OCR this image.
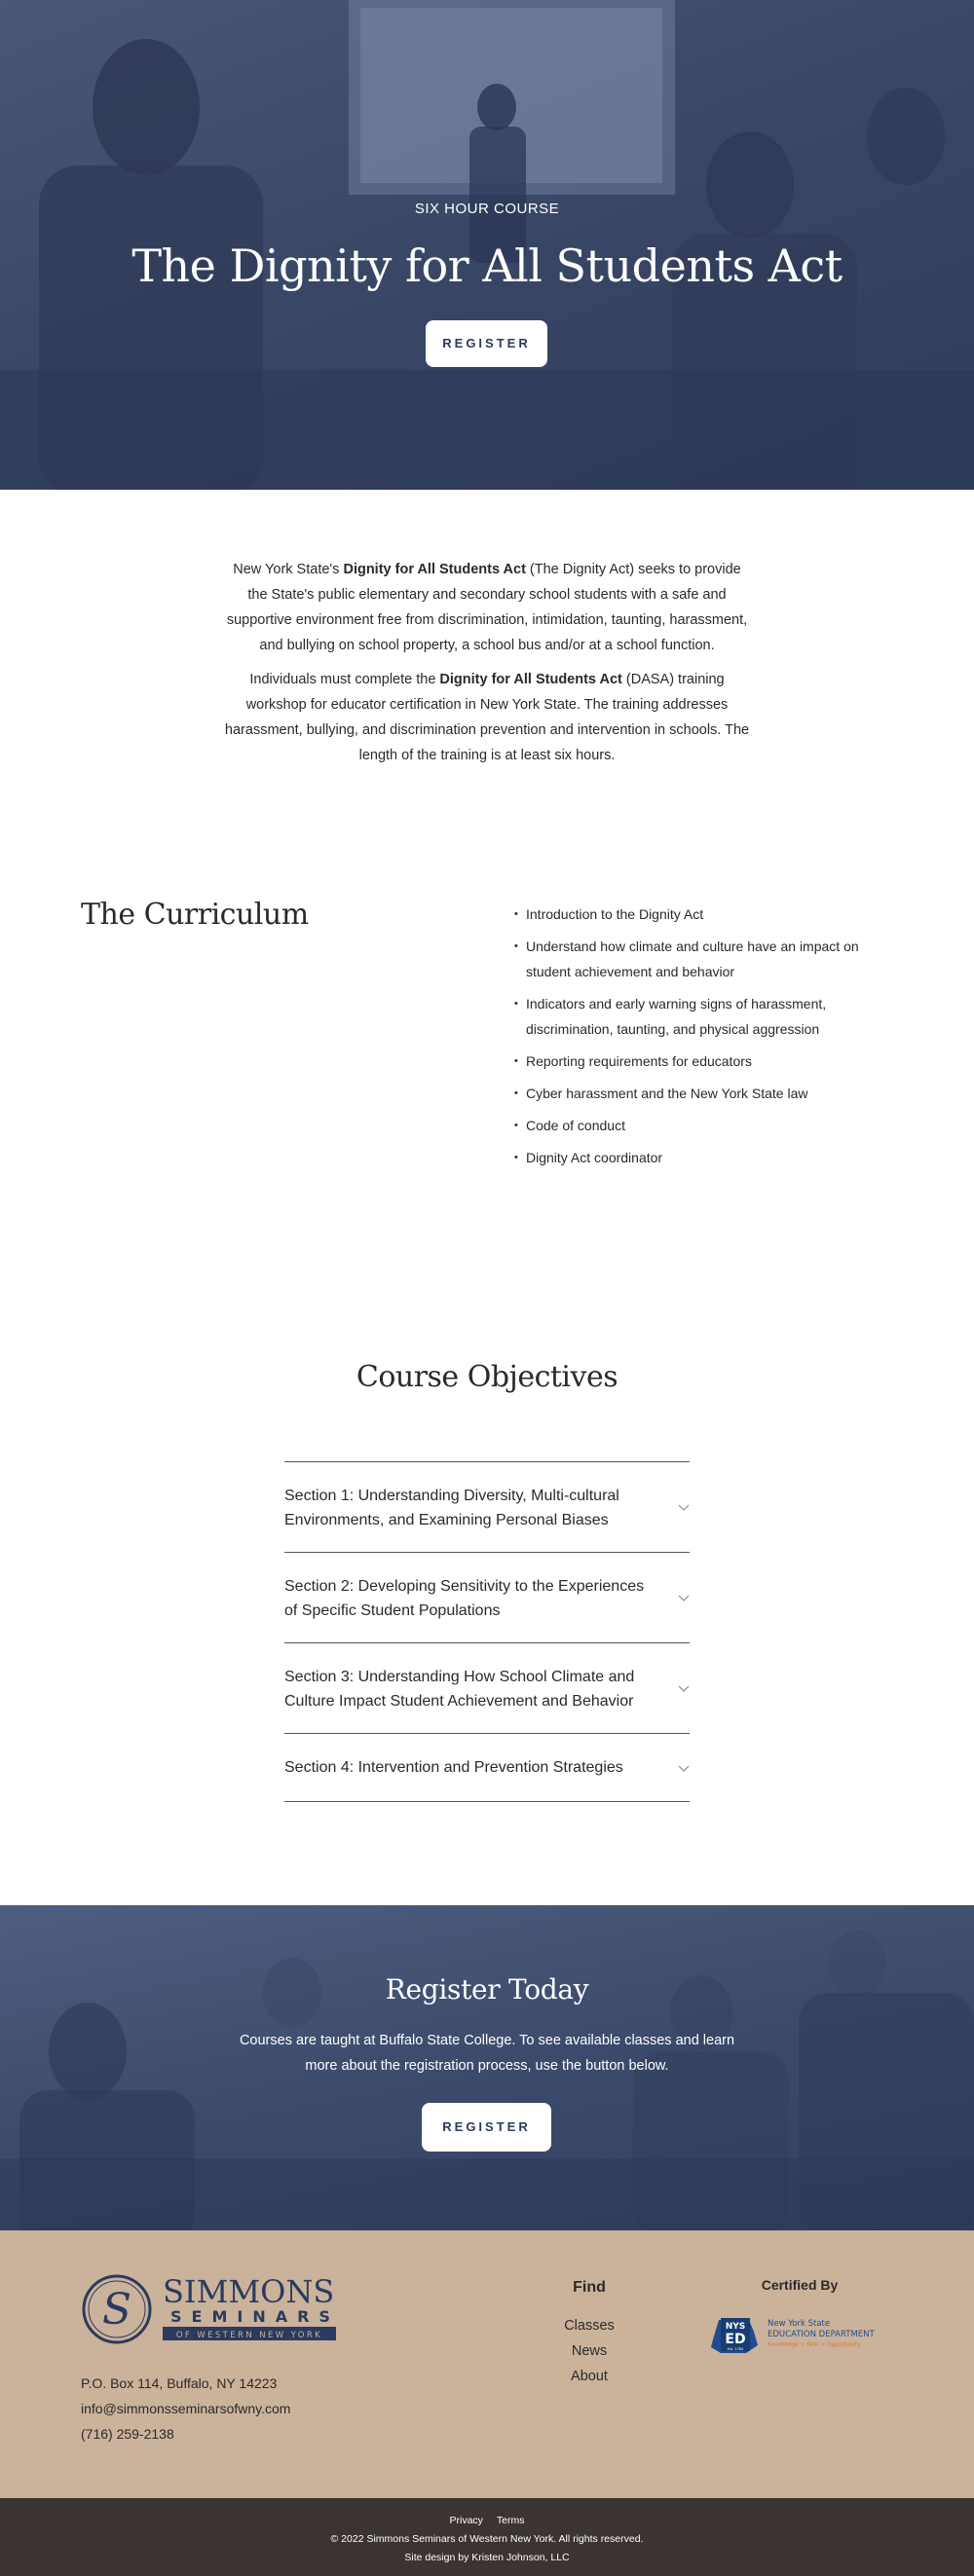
SIX HOUR COURSE
The Dignity for All Students Act
REGISTER

New York State's Dignity for All Students Act (The Dignity Act) seeks to provide the State's public elementary and secondary school students with a safe and supportive environment free from discrimination, intimidation, taunting, harassment, and bullying on school property, a school bus and/or at a school function.

Individuals must complete the Dignity for All Students Act (DASA) training workshop for educator certification in New York State. The training addresses harassment, bullying, and discrimination prevention and intervention in schools. The length of the training is at least six hours.

The Curriculum
•	Introduction to the Dignity Act
• Understand how climate and culture have an impact on student achievement and behavior
• Indicators and early warning signs of harassment, discrimination, taunting, and physical aggression
• Reporting requirements for educators
• Cyber harassment and the New York State law
• Code of conduct
• Dignity Act coordinator
Course Objectives
Section 1: Understanding Diversity, Multi-cultural Environments, and Examining Personal Biases
Section 2: Developing Sensitivity to the Experiences of Specific Student Populations
Section 3: Understanding How School Climate and Culture Impact Student Achievement and Behavior
Section 4: Intervention and Prevention Strategies
Register Today

Courses are taught at Buffalo State College. To see available classes and learn more about the registration process, use the button below.

REGISTER
S SIMMONS
SEMINARS
OF WESTERN NEW YORK
P.O. Box 114, Buffalo, NY 14223
info@simmonsseminarsofwny.com
(716) 259-2138
Find
Classes
News
About
Certified By
NYS
ED
Est. 1784
New York State
EDUCATION DEPARTMENT
Knowledge > Skill > Opportunity
Privacy Terms
© 2022 Simmons Seminars of Western New York. All rights reserved.
Site design by Kristen Johnson, LLC
